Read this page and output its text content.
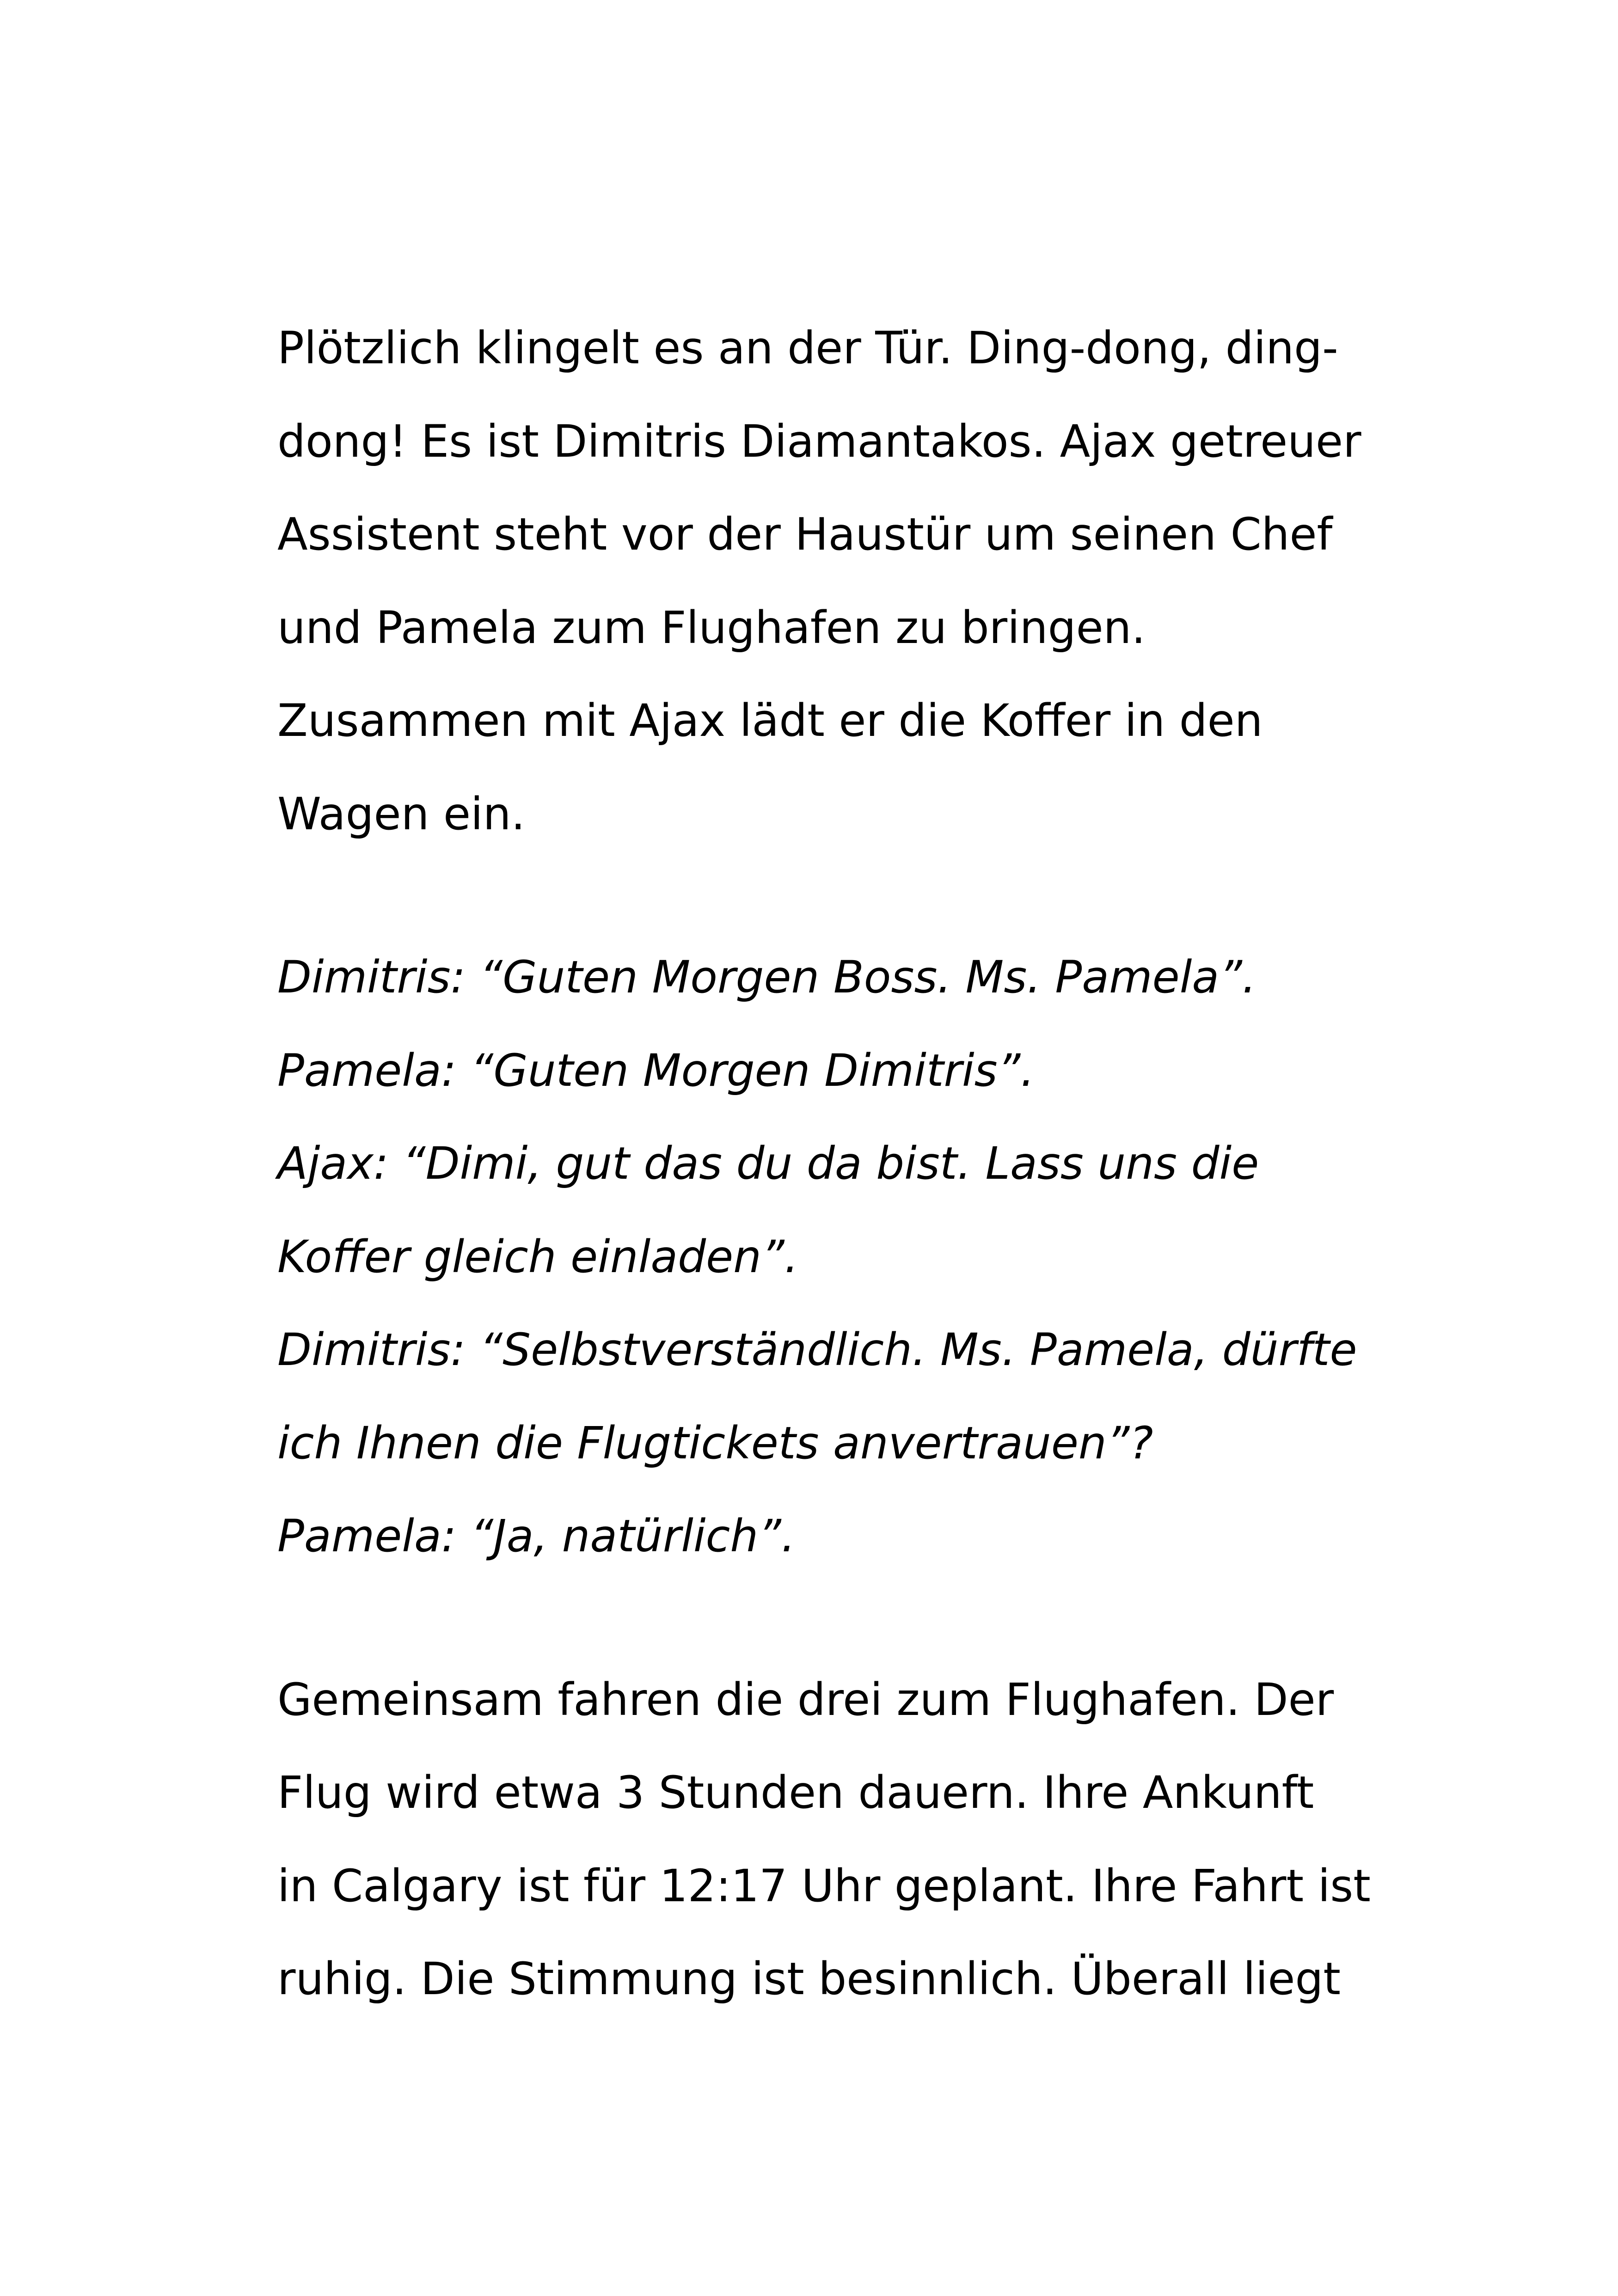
Plötzlich klingelt es an der Tür. Ding-dong, ding-
dong! Es ist Dimitris Diamantakos. Ajax getreuer
Assistent steht vor der Haustür um seinen Chef
und Pamela zum Flughafen zu bringen.
Zusammen mit Ajax lädt er die Koffer in den
Wagen ein.
Dimitris: “Guten Morgen Boss. Ms. Pamela”.
Pamela: “Guten Morgen Dimitris”.
Ajax: “Dimi, gut das du da bist. Lass uns die
Koffer gleich einladen”.
Dimitris: “Selbstverständlich. Ms. Pamela, dürfte
ich Ihnen die Flugtickets anvertrauen”?
Pamela: “Ja, natürlich”.
Gemeinsam fahren die drei zum Flughafen. Der
Flug wird etwa 3 Stunden dauern. Ihre Ankunft
in Calgary ist für 12:17 Uhr geplant. Ihre Fahrt ist
ruhig. Die Stimmung ist besinnlich. Überall liegt
